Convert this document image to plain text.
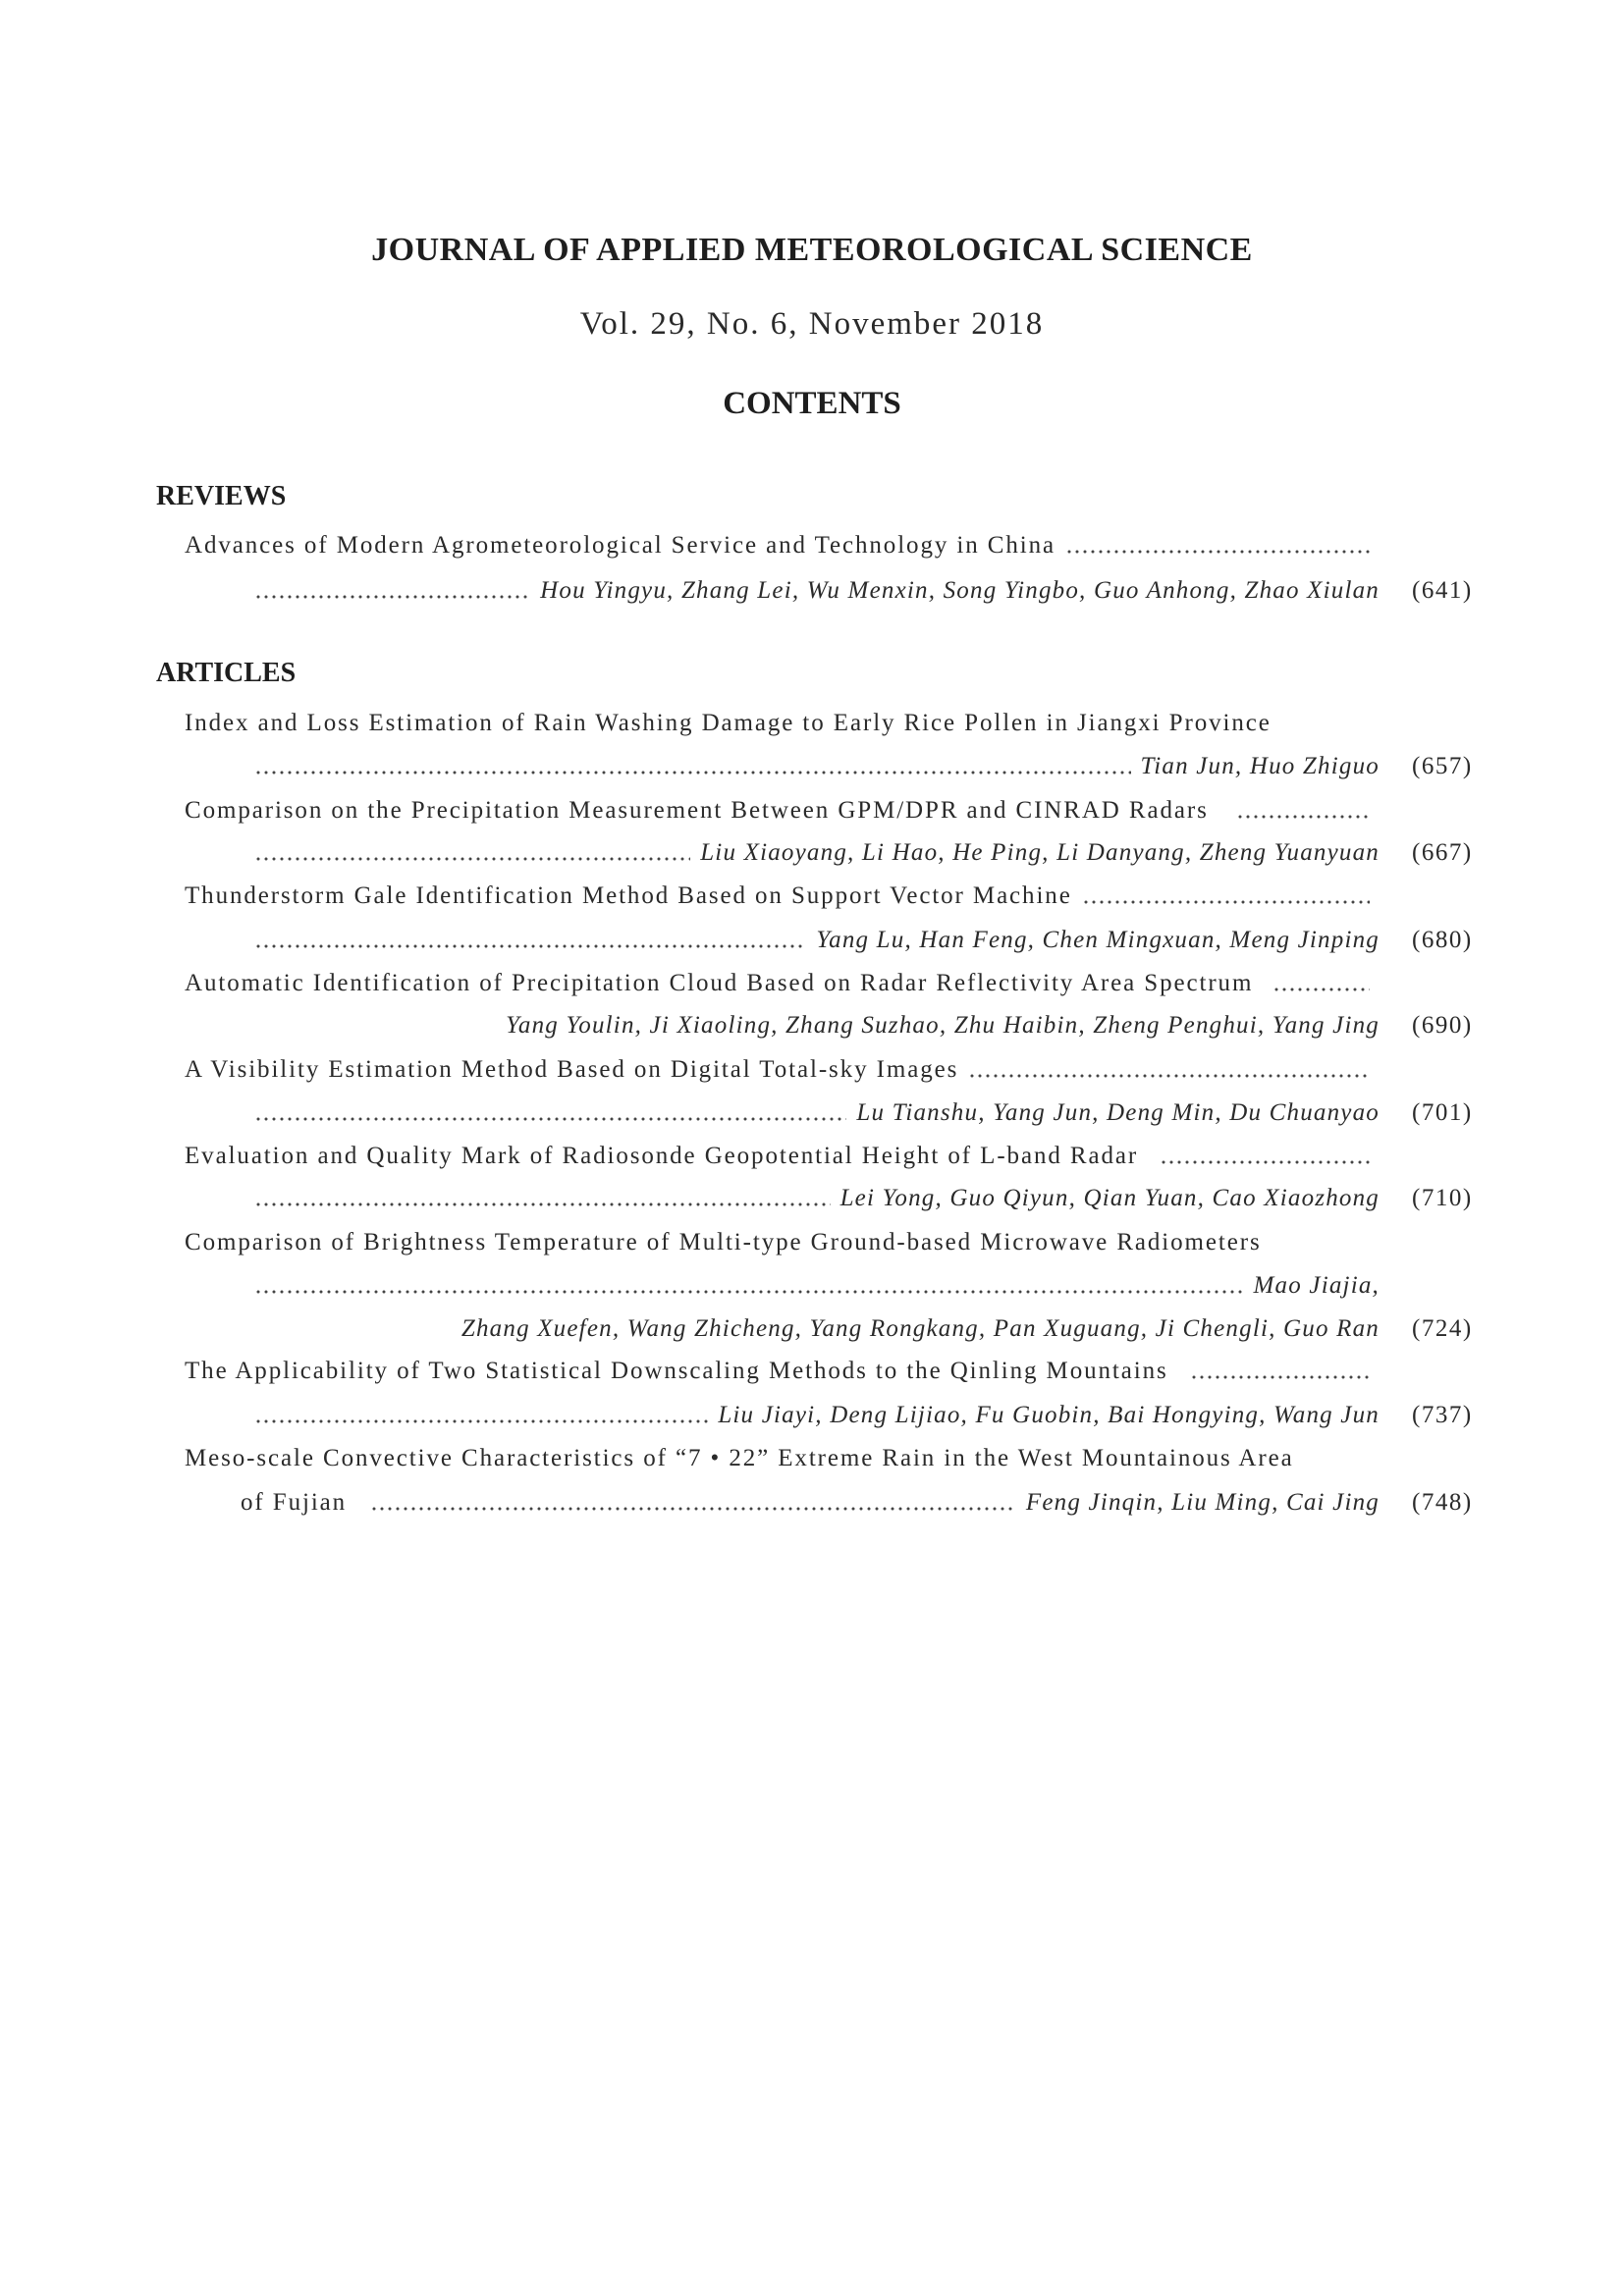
JOURNAL OF APPLIED METEOROLOGICAL SCIENCE
Vol. 29, No. 6, November 2018
CONTENTS
REVIEWS
Advances of Modern Agrometeorological Service and Technology in China
Hou Yingyu, Zhang Lei, Wu Menxin, Song Yingbo, Guo Anhong, Zhao Xiulan (641)
ARTICLES
Index and Loss Estimation of Rain Washing Damage to Early Rice Pollen in Jiangxi Province
Tian Jun, Huo Zhiguo (657)
Comparison on the Precipitation Measurement Between GPM/DPR and CINRAD Radars
Liu Xiaoyang, Li Hao, He Ping, Li Danyang, Zheng Yuanyuan (667)
Thunderstorm Gale Identification Method Based on Support Vector Machine
Yang Lu, Han Feng, Chen Mingxuan, Meng Jinping (680)
Automatic Identification of Precipitation Cloud Based on Radar Reflectivity Area Spectrum
Yang Youlin, Ji Xiaoling, Zhang Suzhao, Zhu Haibin, Zheng Penghui, Yang Jing (690)
A Visibility Estimation Method Based on Digital Total-sky Images
Lu Tianshu, Yang Jun, Deng Min, Du Chuanyao (701)
Evaluation and Quality Mark of Radiosonde Geopotential Height of L-band Radar
Lei Yong, Guo Qiyun, Qian Yuan, Cao Xiaozhong (710)
Comparison of Brightness Temperature of Multi-type Ground-based Microwave Radiometers
Mao Jiajia,
Zhang Xuefen, Wang Zhicheng, Yang Rongkang, Pan Xuguang, Ji Chengli, Guo Ran (724)
The Applicability of Two Statistical Downscaling Methods to the Qinling Mountains
Liu Jiayi, Deng Lijiao, Fu Guobin, Bai Hongying, Wang Jun (737)
Meso-scale Convective Characteristics of “7 • 22” Extreme Rain in the West Mountainous Area
of Fujian	Feng Jinqin, Liu Ming, Cai Jing (748)
